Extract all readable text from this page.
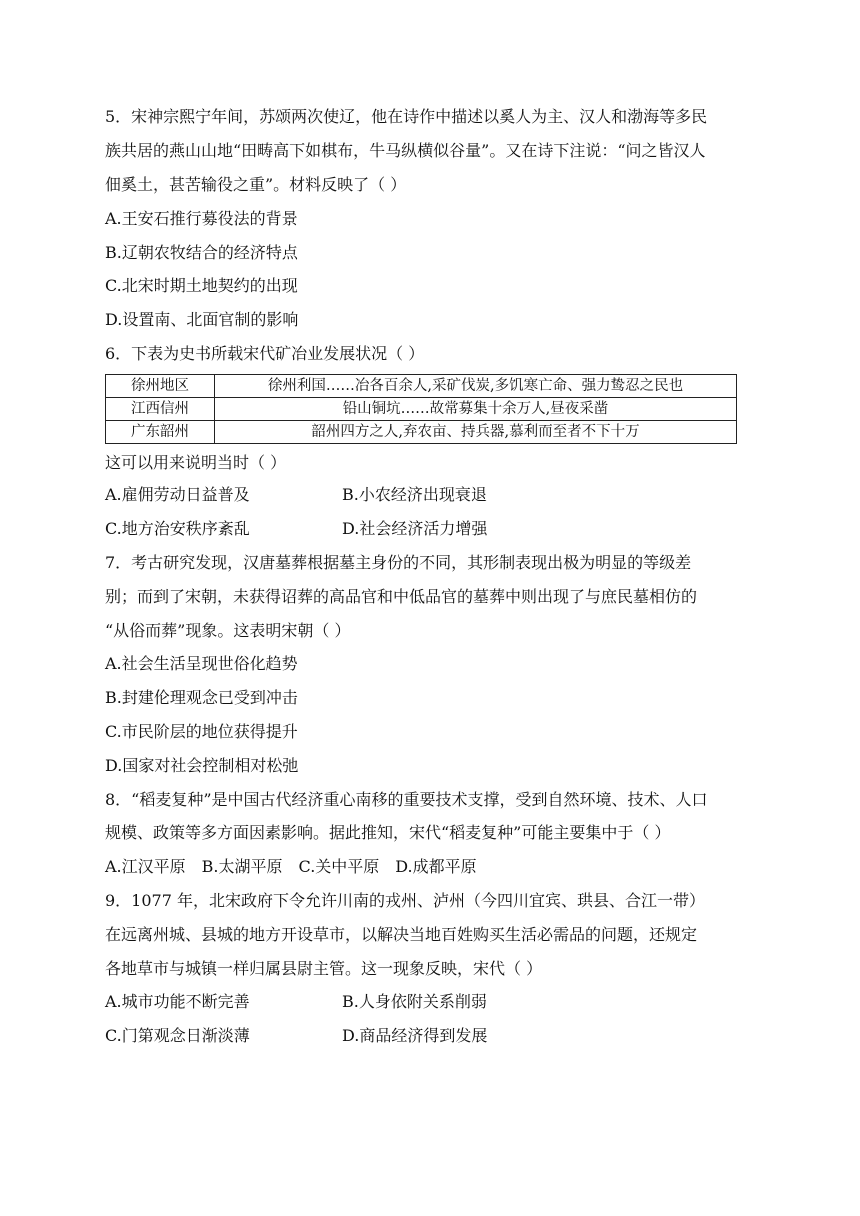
5．宋神宗熙宁年间，苏颂两次使辽，他在诗作中描述以奚人为主、汉人和渤海等多民
族共居的燕山山地“田畴高下如棋布，牛马纵横似谷量”。又在诗下注说：“问之皆汉人
佃奚土，甚苦输役之重”。材料反映了（ ）
A.王安石推行募役法的背景
B.辽朝农牧结合的经济特点
C.北宋时期土地契约的出现
D.设置南、北面官制的影响
6．下表为史书所载宋代矿冶业发展状况（ ）
徐州地区	徐州利国……冶各百余人,采矿伐炭,多饥寒亡命、强力鸷忍之民也
江西信州	铅山铜坑……故常募集十余万人,昼夜采凿
广东韶州	韶州四方之人,弃农亩、持兵器,慕利而至者不下十万
这可以用来说明当时（ ）
A.雇佣劳动日益普及	B.小农经济出现衰退
C.地方治安秩序紊乱	D.社会经济活力增强
7．考古研究发现，汉唐墓葬根据墓主身份的不同，其形制表现出极为明显的等级差
别；而到了宋朝，未获得诏葬的高品官和中低品官的墓葬中则出现了与庶民墓相仿的
“从俗而葬”现象。这表明宋朝（ ）
A.社会生活呈现世俗化趋势
B.封建伦理观念已受到冲击
C.市民阶层的地位获得提升
D.国家对社会控制相对松弛
8．“稻麦复种”是中国古代经济重心南移的重要技术支撑，受到自然环境、技术、人口
规模、政策等多方面因素影响。据此推知，宋代“稻麦复种”可能主要集中于（ ）
A.江汉平原 B.太湖平原 C.关中平原 D.成都平原
9．1077 年，北宋政府下令允许川南的戎州、泸州（今四川宜宾、珙县、合江一带）
在远离州城、县城的地方开设草市，以解决当地百姓购买生活必需品的问题，还规定
各地草市与城镇一样归属县尉主管。这一现象反映，宋代（ ）
A.城市功能不断完善	B.人身依附关系削弱
C.门第观念日渐淡薄	D.商品经济得到发展
